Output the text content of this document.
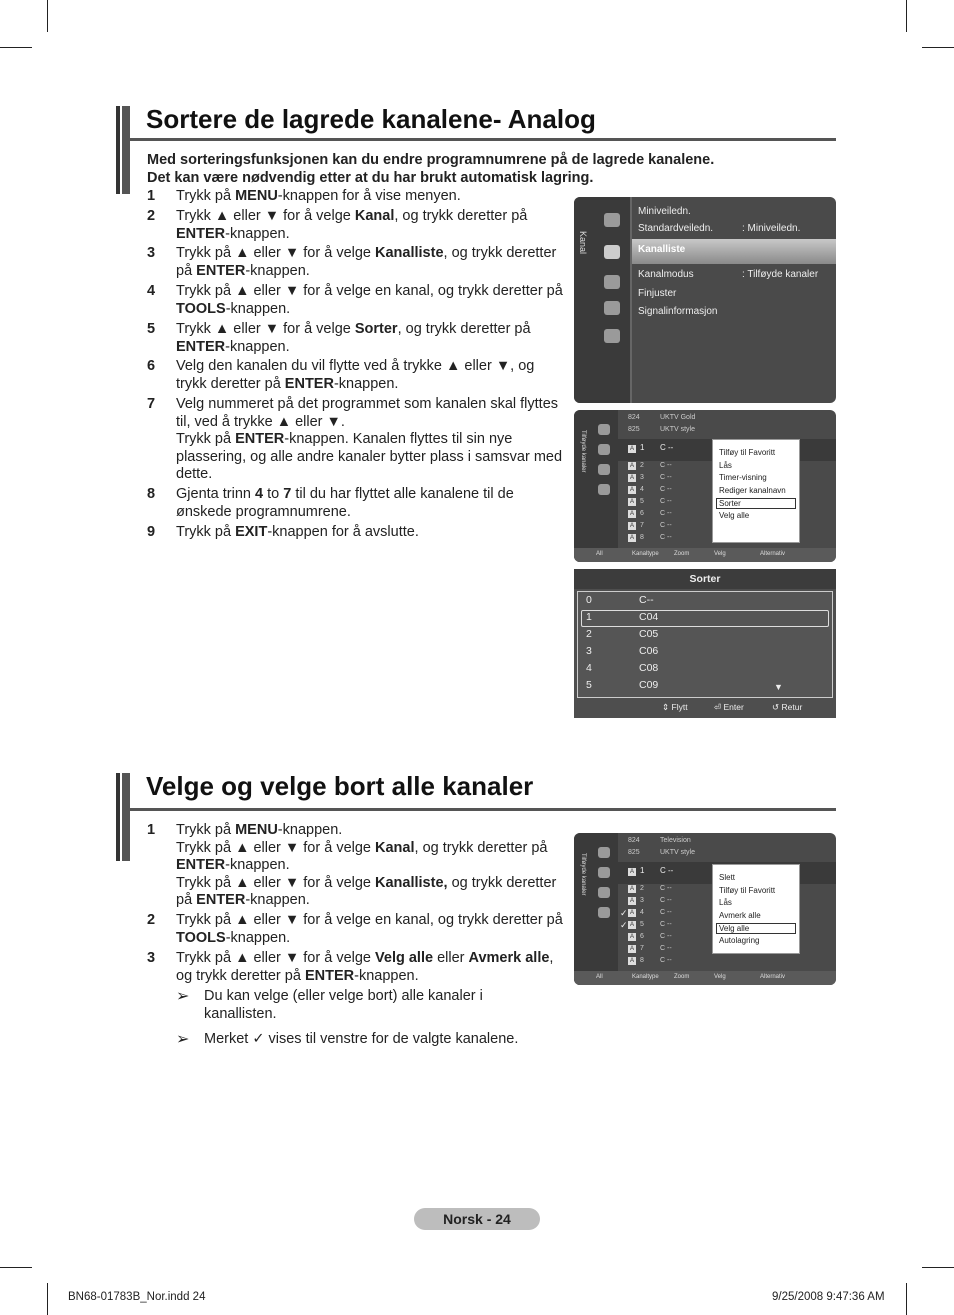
Sortere de lagrede kanalene- Analog
Med sorteringsfunksjonen kan du endre programnumrene på de lagrede kanalene.
Det kan være nødvendig etter at du har brukt automatisk lagring.
1 Trykk på MENU-knappen for å vise menyen.
2 Trykk ▲ eller ▼ for å velge Kanal, og trykk deretter på ENTER-knappen.
3 Trykk på ▲ eller ▼ for å velge Kanalliste, og trykk deretter på ENTER-knappen.
4 Trykk på ▲ eller ▼ for å velge en kanal, og trykk deretter på TOOLS-knappen.
5 Trykk ▲ eller ▼ for å velge Sorter, og trykk deretter på ENTER-knappen.
6 Velg den kanalen du vil flytte ved å trykke ▲ eller ▼, og trykk deretter på ENTER-knappen.
7 Velg nummeret på det programmet som kanalen skal flyttes til, ved å trykke ▲ eller ▼.
Trykk på ENTER-knappen. Kanalen flyttes til sin nye plassering, og alle andre kanaler bytter plass i samsvar med dette.
8 Gjenta trinn 4 to 7 til du har flyttet alle kanalene til de ønskede programnumrene.
9 Trykk på EXIT-knappen for å avslutte.
Kanal
Miniveiledn.
Standardveiledn.	: Miniveiledn.
Kanalliste
Kanalmodus	: Tilføyde kanaler
Finjuster
Signalinformasjon
Tilføyde kanaler
824	UKTV Gold
825	UKTV style
A 1 C --
A 2 C --
A 3 C --
A 4 C --
A 5 C --
A 6 C --
A 7 C --
A 8 C --
Tilføy til Favoritt
Lås
Timer-visning
Rediger kanalnavn
Sorter
Velg alle
All	Kanaltype	Zoom	Velg	Alternativ
Sorter
0	C--
1	C04
2	C05
3	C06
4	C08
5	C09	▼
⇕ Flytt	⏎ Enter	↺ Retur
Velge og velge bort alle kanaler
1 Trykk på MENU-knappen.
Trykk på ▲ eller ▼ for å velge Kanal, og trykk deretter på ENTER-knappen.
Trykk på ▲ eller ▼ for å velge Kanalliste, og trykk deretter på ENTER-knappen.
2 Trykk på ▲ eller ▼ for å velge en kanal, og trykk deretter på TOOLS-knappen.
3 Trykk på ▲ eller ▼ for å velge Velg alle eller Avmerk alle, og trykk deretter på ENTER-knappen.
➢ Du kan velge (eller velge bort) alle kanaler i kanallisten.
➢ Merket ✓ vises til venstre for de valgte kanalene.
Tilføyde kanaler
824	Television
825	UKTV style
A 1 C --
A 2 C --
A 3 C --
✓ A 4 C --
✓ A 5 C --
A 6 C --
A 7 C --
A 8 C --
Slett
Tilføy til Favoritt
Lås
Avmerk alle
Velg alle
Autolagring
All	Kanaltype	Zoom	Velg	Alternativ
Norsk - 24
BN68-01783B_Nor.indd 24	9/25/2008 9:47:36 AM
